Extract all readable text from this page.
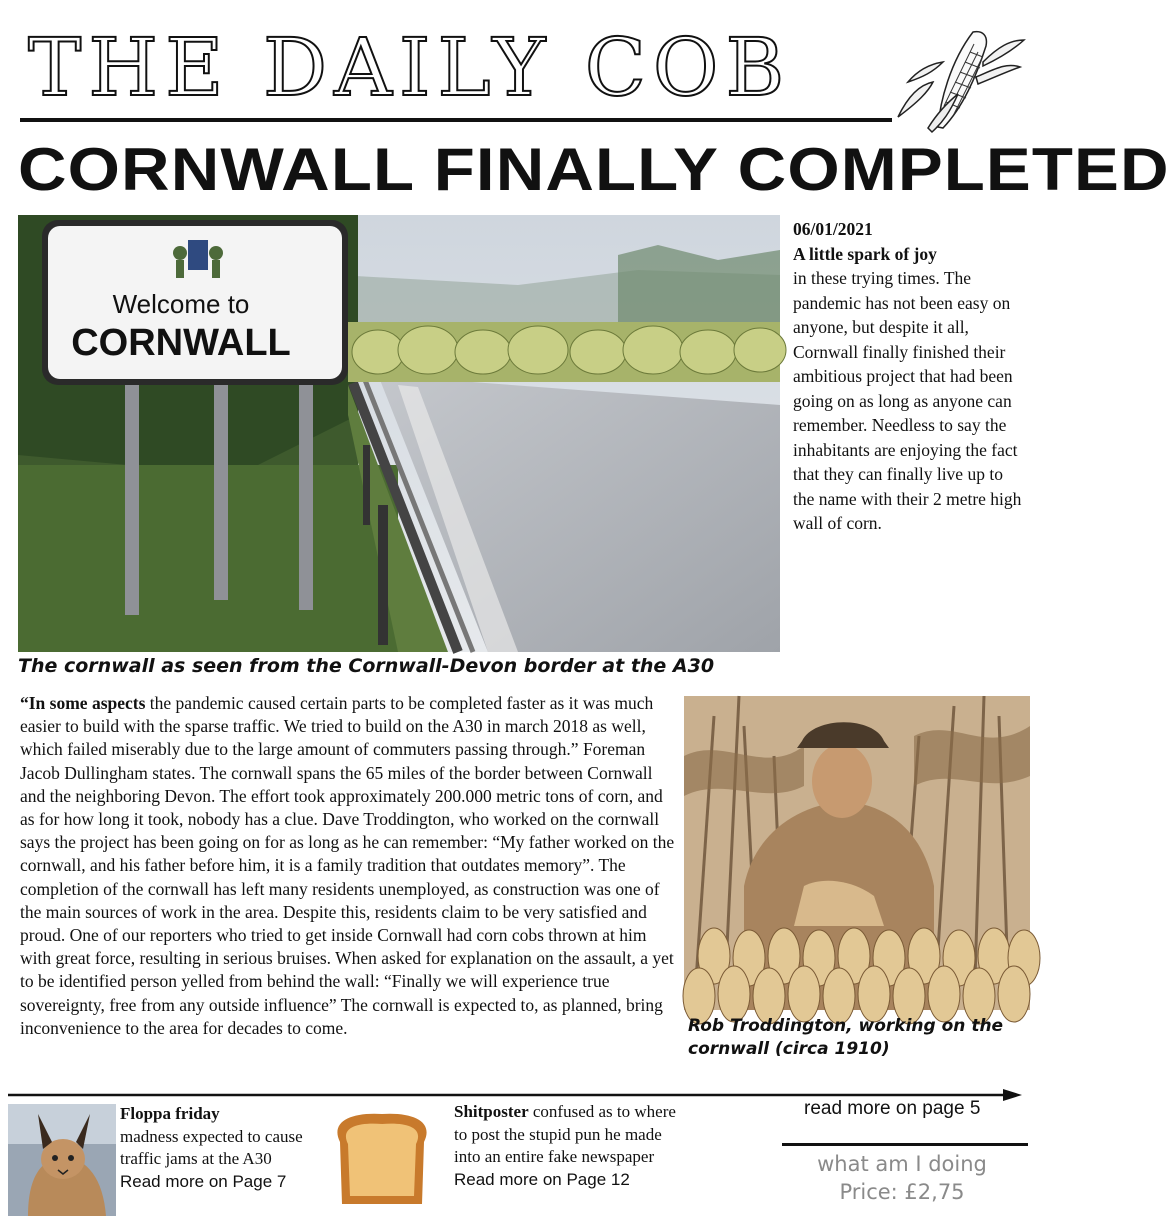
THE DAILY COB
CORNWALL FINALLY COMPLETED
Welcome to
CORNWALL
The cornwall as seen from the Cornwall-Devon border at the A30
06/01/2021
A little spark of joy
in these trying times. The pandemic has not been easy on anyone, but despite it all, Cornwall finally finished their ambitious project that had been going on as long as anyone can remember. Needless to say the inhabitants are enjoying the fact that they can finally live up to the name with their 2 metre high wall of corn.
“In some aspects the pandemic caused certain parts to be completed faster as it was much easier to build with the sparse traffic. We tried to build on the A30 in march 2018 as well, which failed miserably due to the large amount of commuters passing through.” Foreman Jacob Dullingham states. The cornwall spans the 65 miles of the border between Cornwall and the neighboring Devon. The effort took approximately 200.000 metric tons of corn, and as for how long it took, nobody has a clue. Dave Troddington, who worked on the cornwall says the project has been going on for as long as he can remember: “My father worked on the cornwall, and his father before him, it is a family tradition that outdates memory”. The completion of the cornwall has left many residents unemployed, as construction was one of the main sources of work in the area. Despite this, residents claim to be very satisfied and proud. One of our reporters who tried to get inside Cornwall had corn cobs thrown at him with great force, resulting in serious bruises. When asked for explanation on the assault, a yet to be identified person yelled from behind the wall: “Finally we will experience true sovereignty, free from any outside influence” The cornwall is expected to, as planned, bring inconvenience to the area for decades to come.	Rob Troddington, working on the cornwall (circa 1910)
Floppa friday
madness expected to cause traffic jams at the A30
Read more on Page 7
Shitposter confused as to where to post the stupid pun he made into an entire fake newspaper
Read more on Page 12
read more on page 5
what am I doing
Price: £2,75
